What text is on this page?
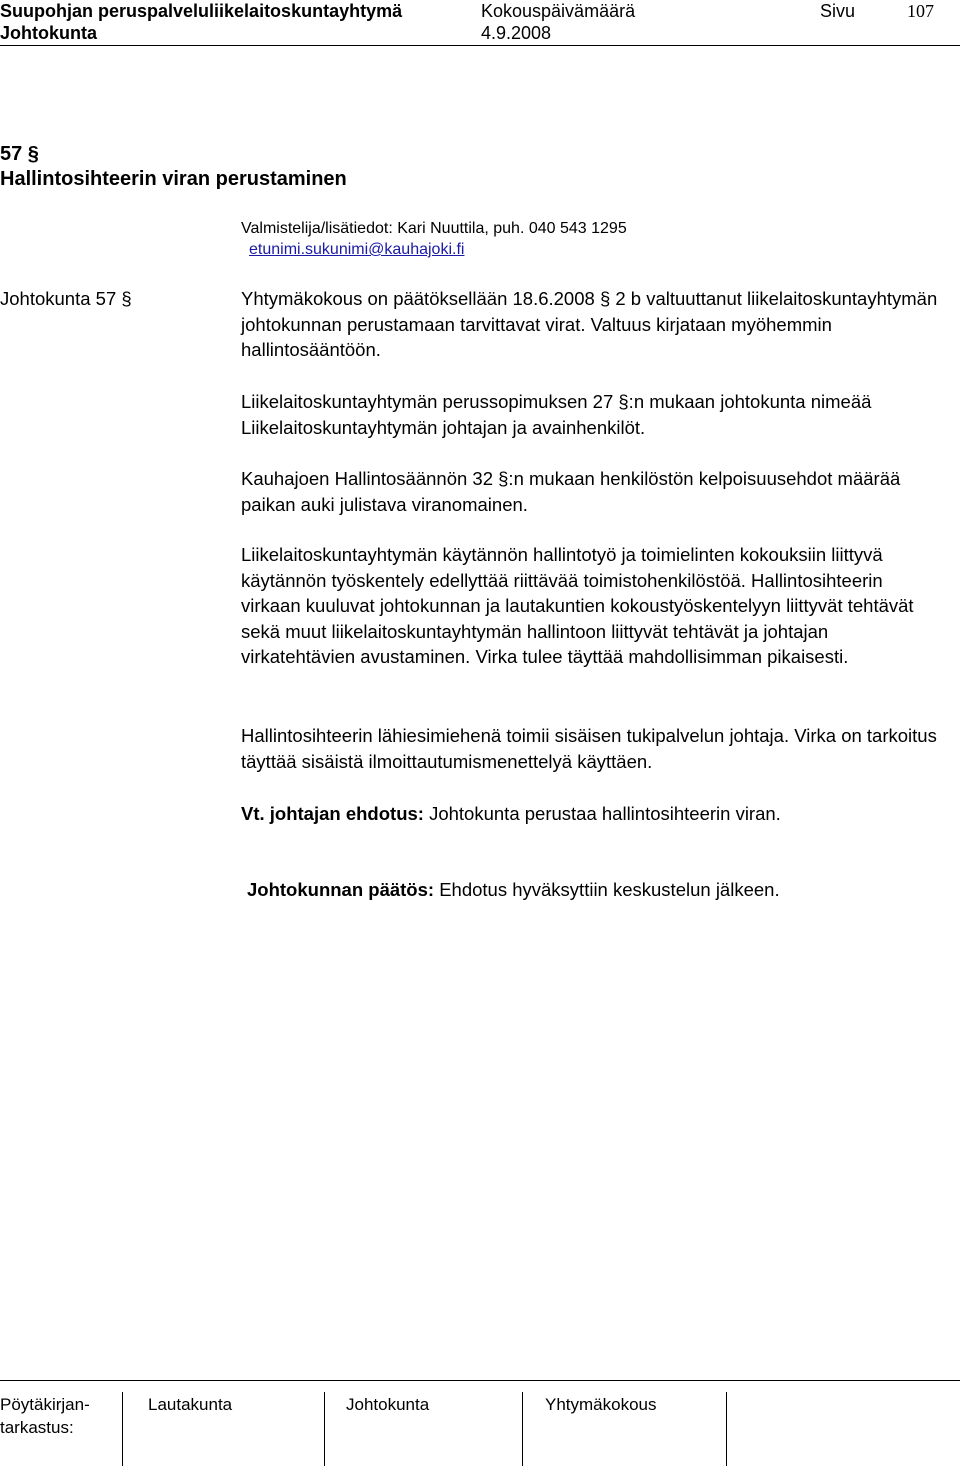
Suupohjan peruspalveluliikelaitoskuntayhtymä	Kokouspäivämäärä	Sivu	107
Johtokunta	4.9.2008
57 §
Hallintosihteerin viran perustaminen
Valmistelija/lisätiedot: Kari Nuuttila, puh. 040 543 1295
etunimi.sukunimi@kauhajoki.fi
Johtokunta 57 §	Yhtymäkokous on päätöksellään 18.6.2008 § 2 b valtuuttanut liikelaitoskuntayhtymän johtokunnan perustamaan tarvittavat virat. Valtuus kirjataan myöhemmin hallintosääntöön.

Liikelaitoskuntayhtymän perussopimuksen 27 §:n mukaan johtokunta nimeää Liikelaitoskuntayhtymän johtajan ja avainhenkilöt.

Kauhajoen Hallintosäännön 32 §:n mukaan henkilöstön kelpoisuusehdot määrää paikan auki julistava viranomainen.

Liikelaitoskuntayhtymän käytännön hallintotyö ja toimielinten kokouksiin liittyvä käytännön työskentely edellyttää riittävää toimistohenkilöstöä. Hallintosihteerin virkaan kuuluvat johtokunnan ja lautakuntien kokoustyöskentelyyn liittyvät tehtävät sekä muut liikelaitoskuntayhtymän hallintoon liittyvät tehtävät ja johtajan virkatehtävien avustaminen. Virka tulee täyttää mahdollisimman pikaisesti.

Hallintosihteerin lähiesimiehenä toimii sisäisen tukipalvelun johtaja. Virka on tarkoitus täyttää sisäistä ilmoittautumismenettelyä käyttäen.

Vt. johtajan ehdotus: Johtokunta perustaa hallintosihteerin viran.
Johtokunnan päätös: Ehdotus hyväksyttiin keskustelun jälkeen.
Pöytäkirjan-
tarkastus:
Lautakunta	Johtokunta	Yhtymäkokous
